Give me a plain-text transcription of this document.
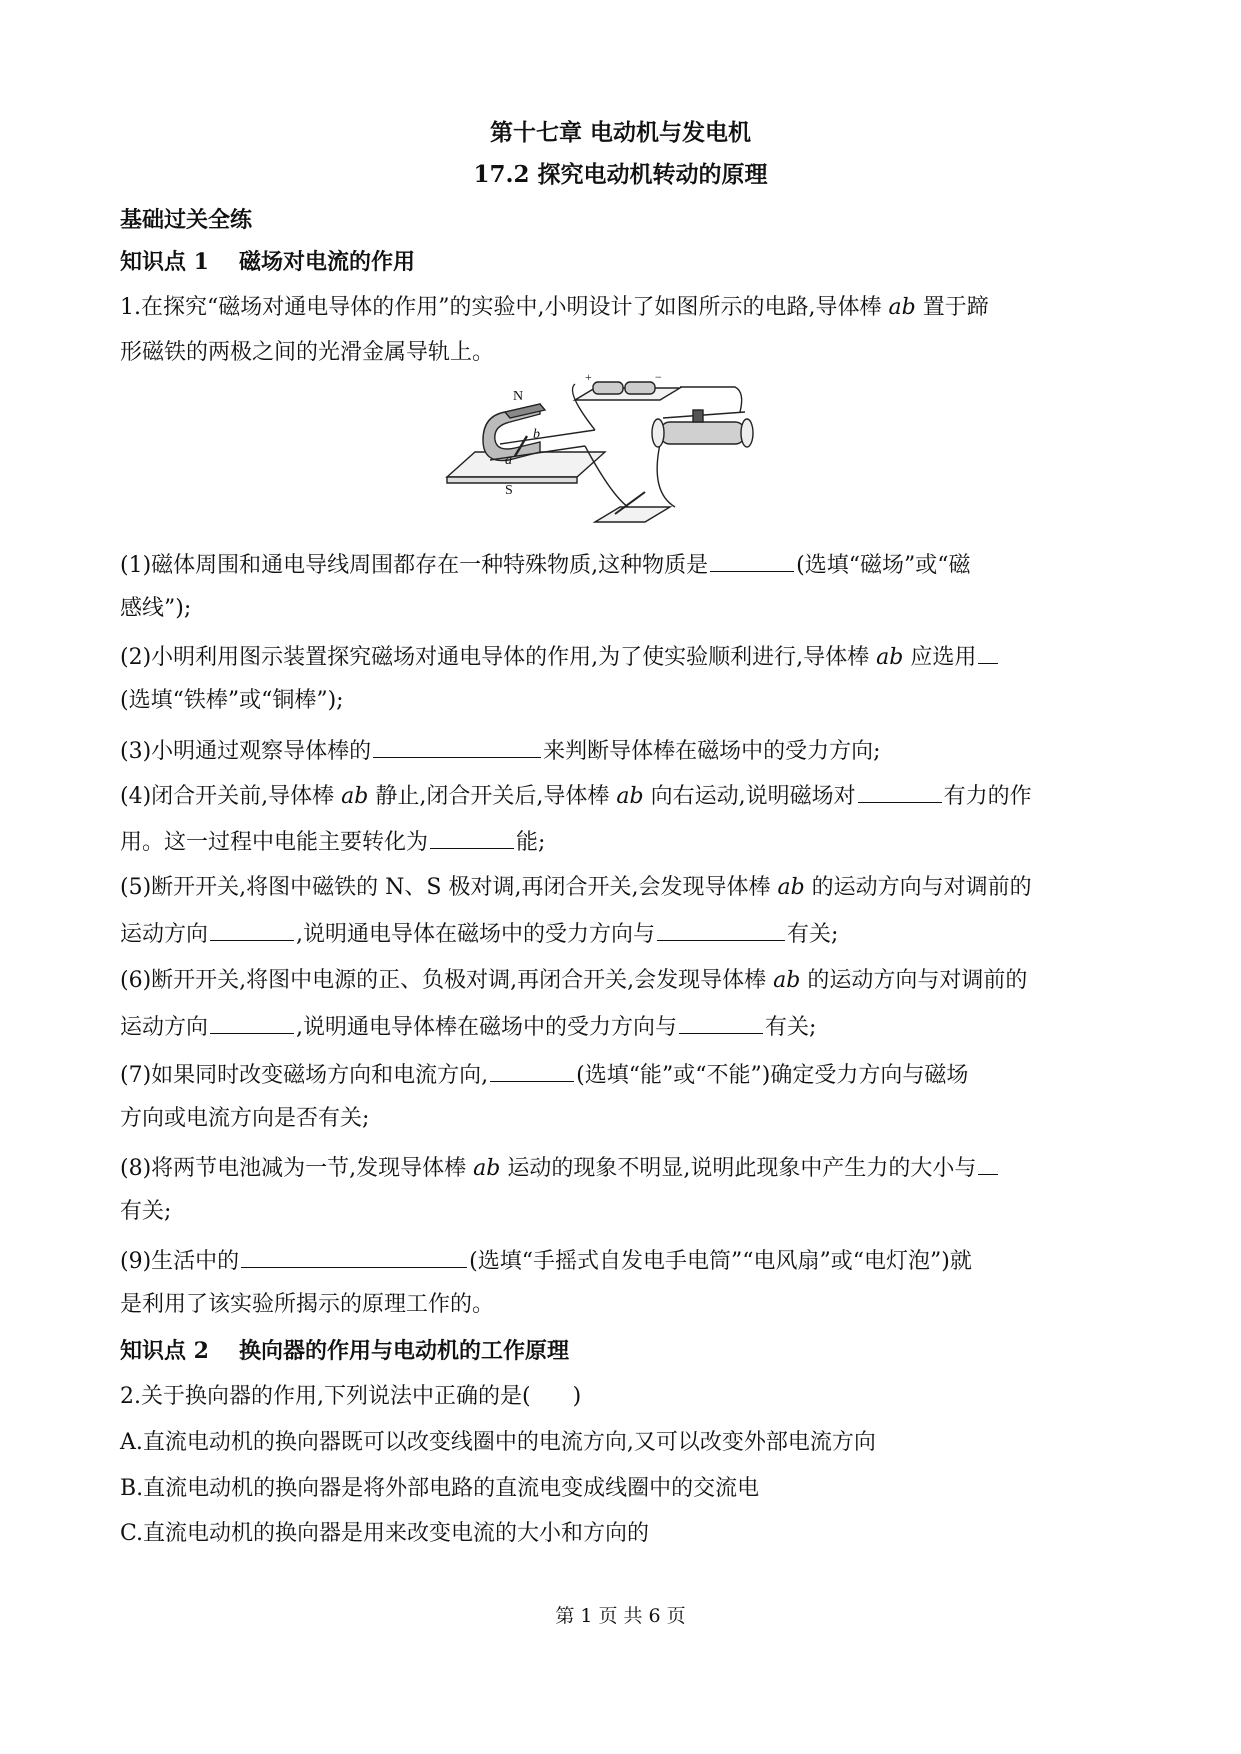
第十七章 电动机与发电机
17.2 探究电动机转动的原理
基础过关全练
知识点 1 磁场对电流的作用
1.在探究“磁场对通电导体的作用”的实验中,小明设计了如图所示的电路,导体棒 ab 置于蹄
形磁铁的两极之间的光滑金属导轨上。
N
S
b
a
+	−
(1)磁体周围和通电导线周围都存在一种特殊物质,这种物质是	(选填“磁场”或“磁
感线”);
(2)小明利用图示装置探究磁场对通电导体的作用,为了使实验顺利进行,导体棒 ab 应选用
(选填“铁棒”或“铜棒”);
(3)小明通过观察导体棒的	来判断导体棒在磁场中的受力方向;
(4)闭合开关前,导体棒 ab 静止,闭合开关后,导体棒 ab 向右运动,说明磁场对	有力的作
用。这一过程中电能主要转化为	能;
(5)断开开关,将图中磁铁的 N、S 极对调,再闭合开关,会发现导体棒 ab 的运动方向与对调前的
运动方向	,说明通电导体在磁场中的受力方向与	有关;
(6)断开开关,将图中电源的正、负极对调,再闭合开关,会发现导体棒 ab 的运动方向与对调前的
运动方向	,说明通电导体棒在磁场中的受力方向与	有关;
(7)如果同时改变磁场方向和电流方向,	(选填“能”或“不能”)确定受力方向与磁场
方向或电流方向是否有关;
(8)将两节电池减为一节,发现导体棒 ab 运动的现象不明显,说明此现象中产生力的大小与
有关;
(9)生活中的	(选填“手摇式自发电手电筒”“电风扇”或“电灯泡”)就
是利用了该实验所揭示的原理工作的。
知识点 2 换向器的作用与电动机的工作原理
2.关于换向器的作用,下列说法中正确的是( )
A.直流电动机的换向器既可以改变线圈中的电流方向,又可以改变外部电流方向
B.直流电动机的换向器是将外部电路的直流电变成线圈中的交流电
C.直流电动机的换向器是用来改变电流的大小和方向的
第 1 页 共 6 页
